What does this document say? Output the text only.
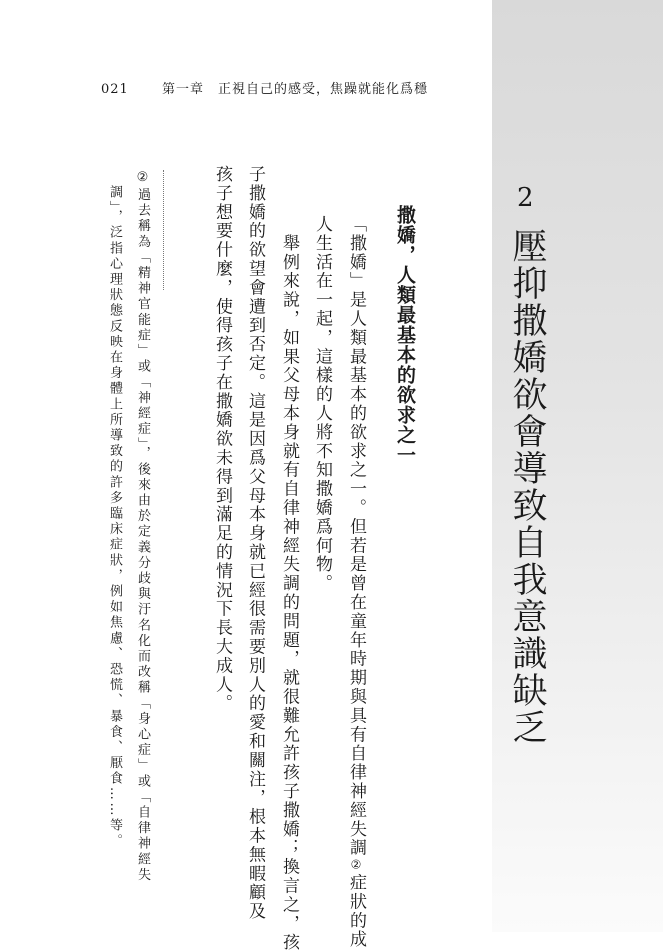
021	第一章　正視自己的感受，焦躁就能化爲穩
2
壓抑撒嬌欲會導致自我意識缺乏
撒嬌，人類最基本的欲求之一
「撒嬌」是人類最基本的欲求之一。但若是曾在童年時期與具有自律神經失調②症狀的成
人生活在一起，這樣的人將不知撒嬌爲何物。
　舉例來說，如果父母本身就有自律神經失調的問題，就很難允許孩子撒嬌；換言之，孩
子撒嬌的欲望會遭到否定。這是因爲父母本身就已經很需要別人的愛和關注，根本無暇顧及
孩子想要什麼，使得孩子在撒嬌欲未得到滿足的情況下長大成人。
②過去稱為「精神官能症」或「神經症」，後來由於定義分歧與汙名化而改稱「身心症」或「自律神經失
調」，泛指心理狀態反映在身體上所導致的許多臨床症狀，例如焦慮、恐慌、暴食、厭食……等。
